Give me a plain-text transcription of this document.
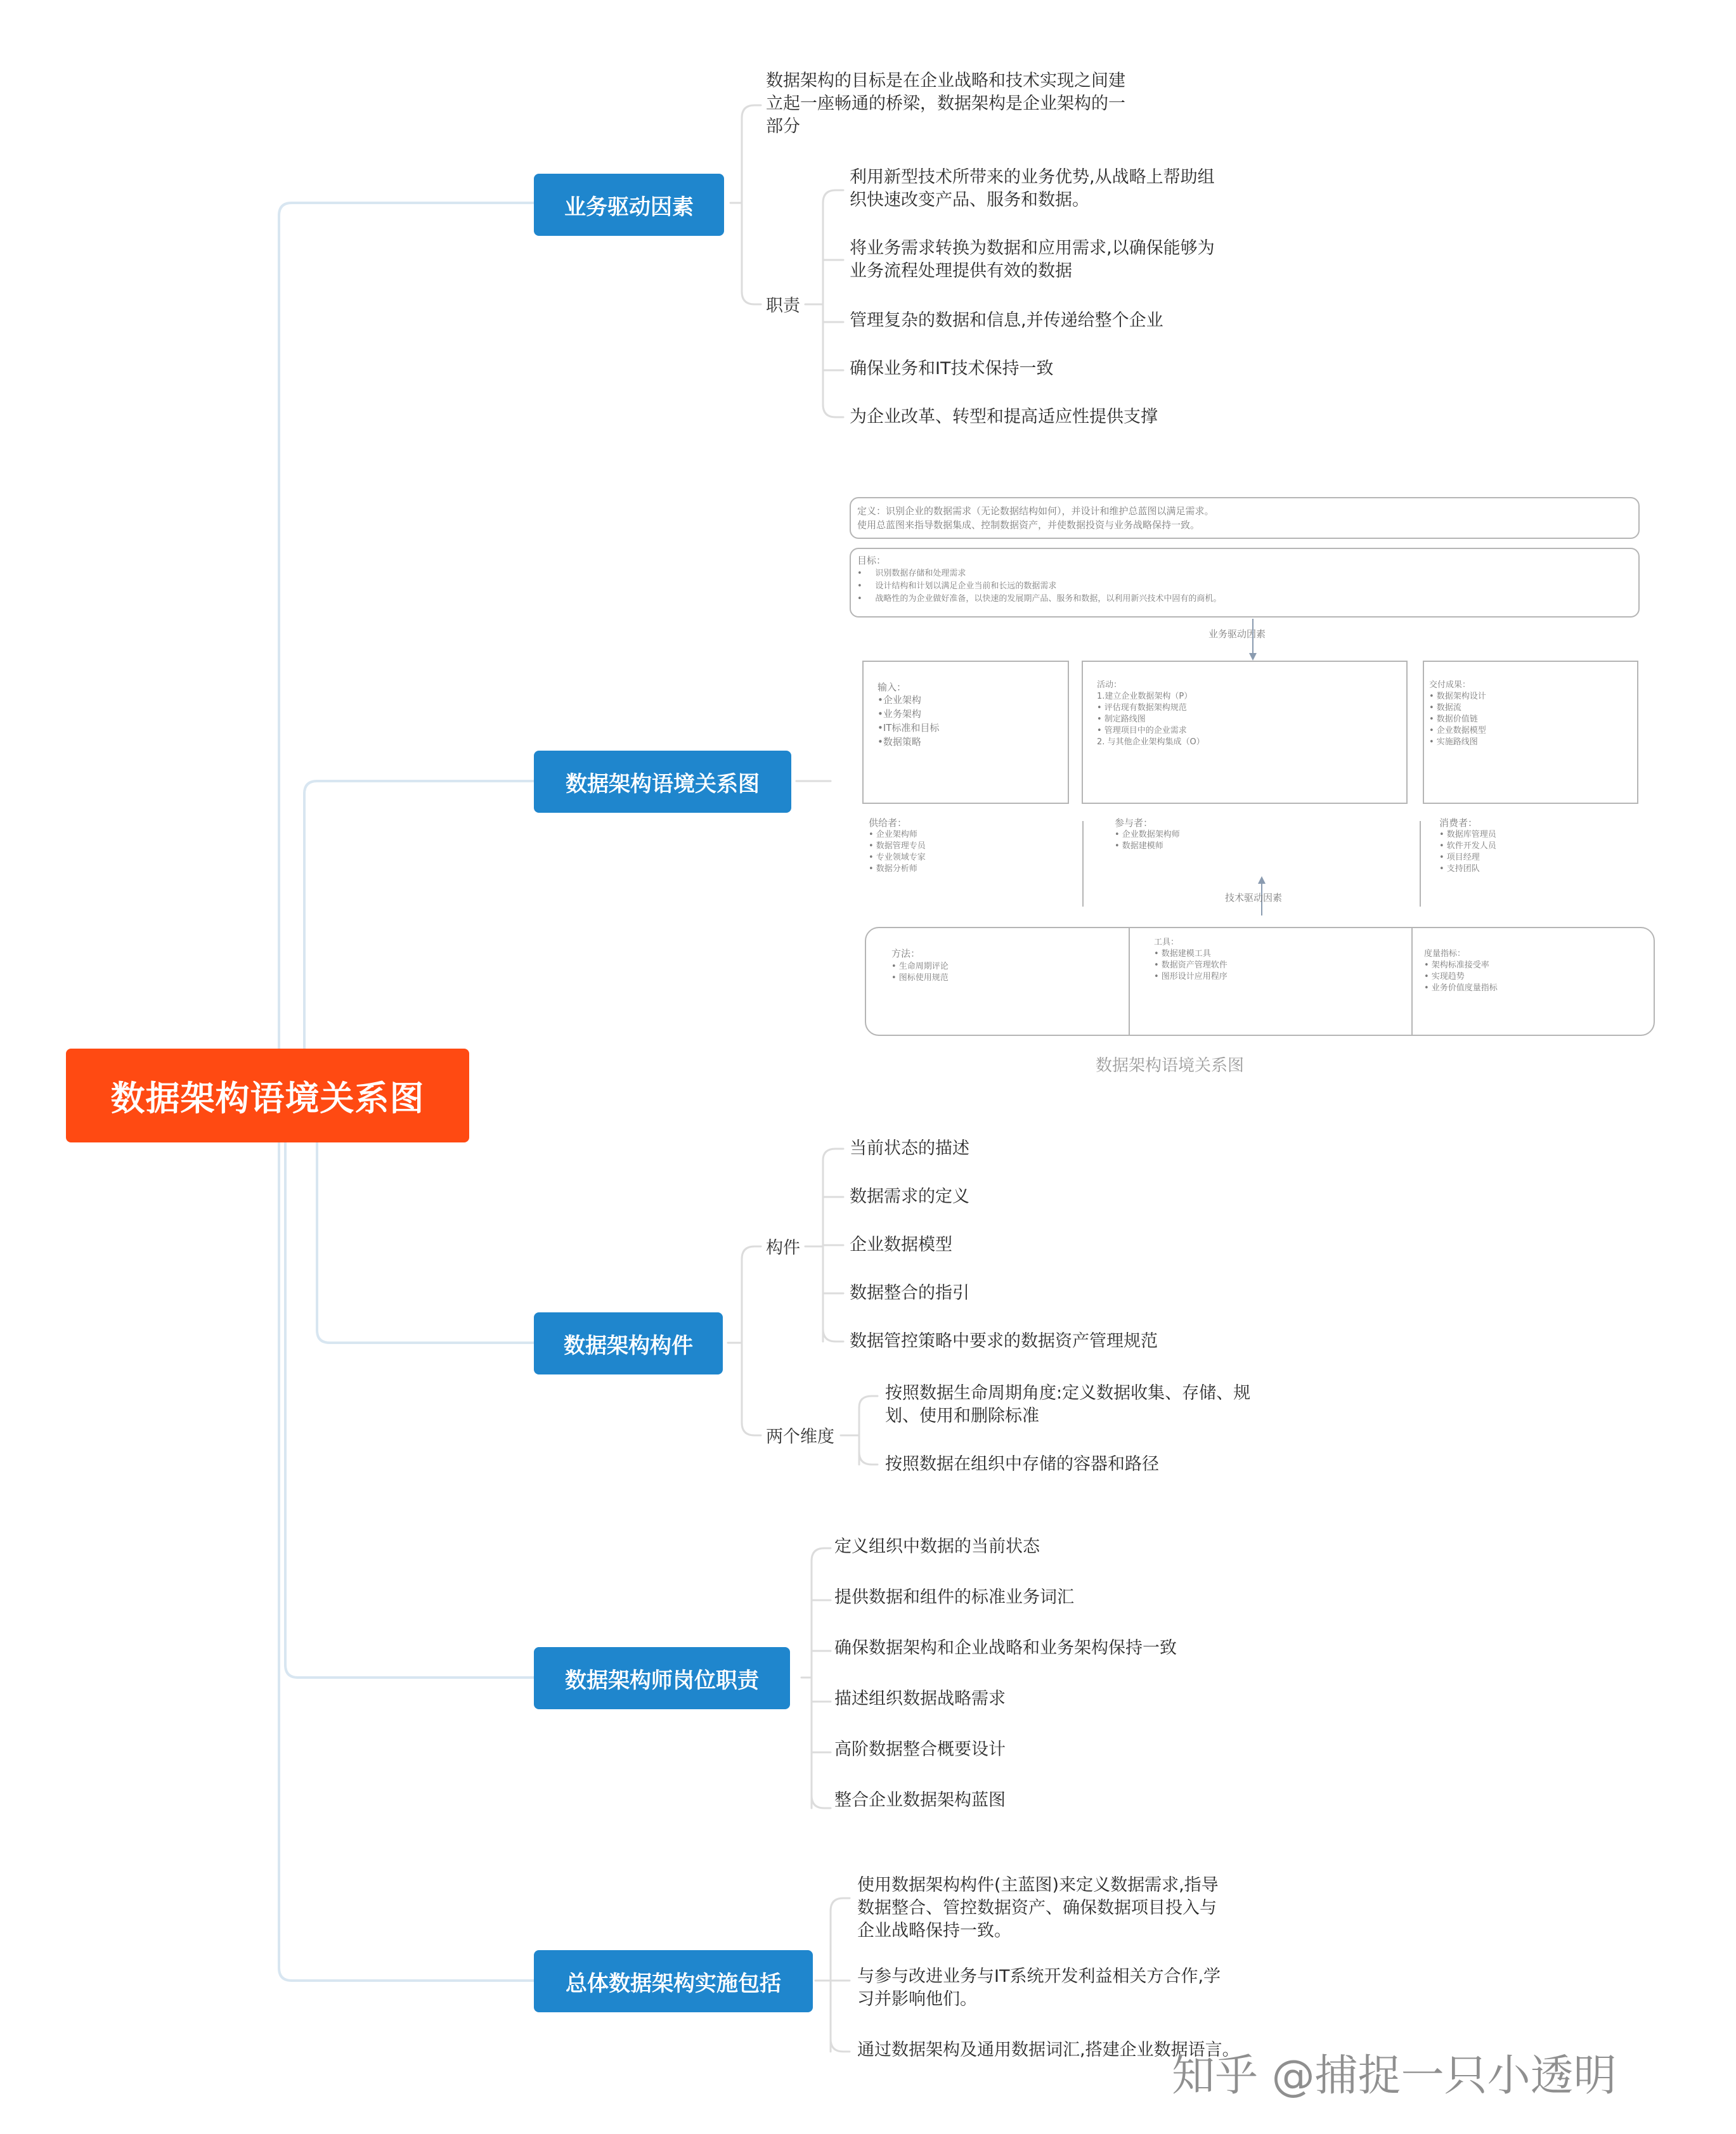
数据架构语境关系图
业务驱动因素
数据架构的目标是在企业战略和技术实现之间建
立起一座畅通的桥梁，数据架构是企业架构的一
部分
职责
利用新型技术所带来的业务优势,从战略上帮助组
织快速改变产品、服务和数据。
将业务需求转换为数据和应用需求,以确保能够为
业务流程处理提供有效的数据
管理复杂的数据和信息,并传递给整个企业
确保业务和IT技术保持一致
为企业改革、转型和提高适应性提供支撑
数据架构语境关系图
定义：识别企业的数据需求（无论数据结构如何），并设计和维护总蓝图以满足需求。
使用总蓝图来指导数据集成、控制数据资产，并使数据投资与业务战略保持一致。
目标：
•     识别数据存储和处理需求
•     设计结构和计划以满足企业当前和长远的数据需求
•     战略性的为企业做好准备，以快速的发展期产品、服务和数据，以利用新兴技术中固有的商机。
业务驱动因素
输入：
•企业架构
•业务架构
•IT标准和目标
•数据策略
活动：
1.建立企业数据架构（P）
• 评估现有数据架构规范
• 制定路线图
• 管理项目中的企业需求
2. 与其他企业架构集成（O）
交付成果：
• 数据架构设计
• 数据流
• 数据价值链
• 企业数据模型
• 实施路线图
供给者：
• 企业架构师
• 数据管理专员
• 专业领域专家
• 数据分析师
参与者：
• 企业数据架构师
• 数据建模师
消费者：
• 数据库管理员
• 软件开发人员
• 项目经理
• 支持团队
技术驱动因素
方法：
• 生命周期评论
• 图标使用规范
工具：
• 数据建模工具
• 数据资产管理软件
• 图形设计应用程序
度量指标：
• 架构标准接受率
• 实现趋势
• 业务价值度量指标
数据架构语境关系图
数据架构构件
构件
当前状态的描述
数据需求的定义
企业数据模型
数据整合的指引
数据管控策略中要求的数据资产管理规范
两个维度
按照数据生命周期角度:定义数据收集、存储、规
划、使用和删除标准
按照数据在组织中存储的容器和路径
数据架构师岗位职责
定义组织中数据的当前状态
提供数据和组件的标准业务词汇
确保数据架构和企业战略和业务架构保持一致
描述组织数据战略需求
高阶数据整合概要设计
整合企业数据架构蓝图
总体数据架构实施包括
使用数据架构构件(主蓝图)来定义数据需求,指导
数据整合、管控数据资产、确保数据项目投入与
企业战略保持一致。
与参与改进业务与IT系统开发利益相关方合作,学
习并影响他们。
通过数据架构及通用数据词汇,搭建企业数据语言。
知乎 @捕捉一只小透明
